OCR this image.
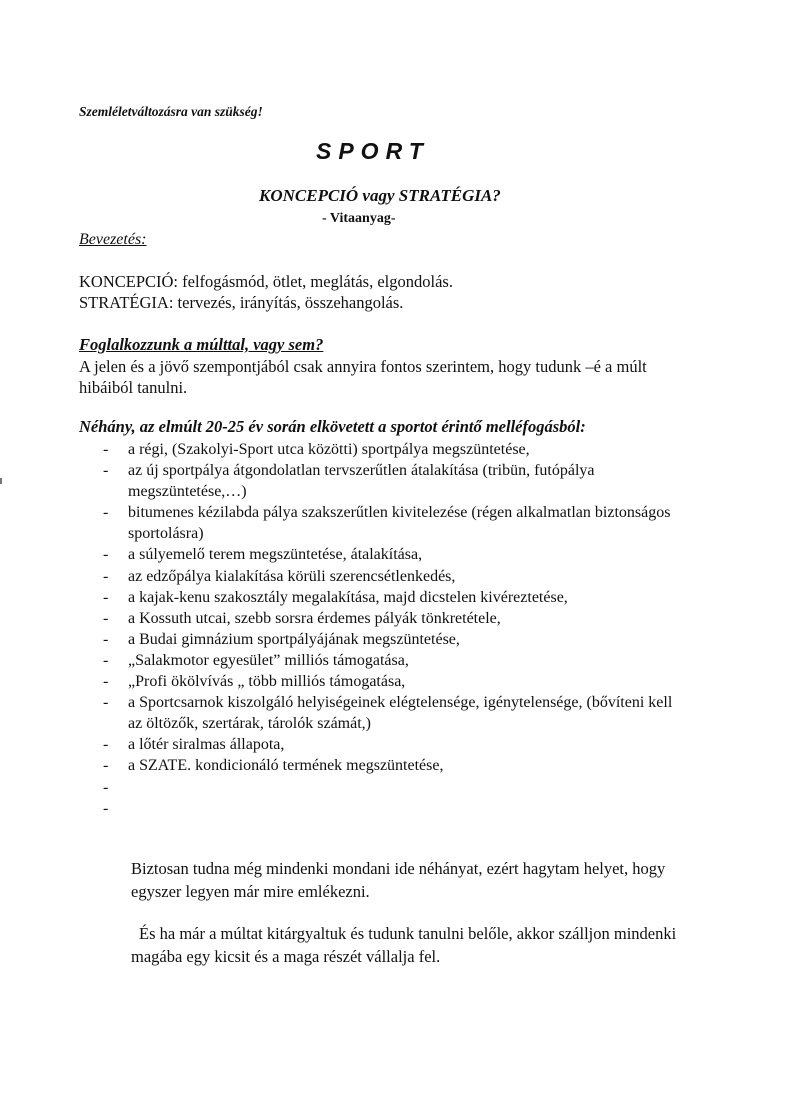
Szemléletváltozásra van szükség!
SPORT
KONCEPCIÓ vagy STRATÉGIA?
- Vitaanyag-
Bevezetés:
KONCEPCIÓ: felfogásmód, ötlet, meglátás, elgondolás.
STRATÉGIA: tervezés, irányítás, összehangolás.
Foglalkozzunk a múlttal, vagy sem?
A jelen és a jövő szempontjából csak annyira fontos szerintem, hogy tudunk –é a múlt hibáiból tanulni.
Néhány, az elmúlt 20-25 év során elkövetett a sportot érintő melléfogásból:
- a régi, (Szakolyi-Sport utca közötti) sportpálya megszüntetése,
- az új sportpálya átgondolatlan tervszerűtlen átalakítása (tribün, futópálya megszüntetése,…)
- bitumenes kézilabda pálya szakszerűtlen kivitelezése (régen alkalmatlan biztonságos sportolásra)
- a súlyemelő terem megszüntetése, átalakítása,
- az edzőpálya kialakítása körüli szerencsétlenkedés,
- a kajak-kenu szakosztály megalakítása, majd dicstelen kivéreztetése,
- a Kossuth utcai, szebb sorsra érdemes pályák tönkretétele,
- a Budai gimnázium sportpályájának megszüntetése,
- „Salakmotor egyesület” milliós támogatása,
- „Profi ökölvívás „ több milliós támogatása,
- a Sportcsarnok kiszolgáló helyiségeinek elégtelensége, igénytelensége, (bővíteni kell az öltözők, szertárak, tárolók számát,)
- a lőtér siralmas állapota,
- a SZATE. kondicionáló termének megszüntetése,
-

-

Biztosan tudna még mindenki mondani ide néhányat, ezért hagytam helyet, hogy egyszer legyen már mire emlékezni.
És ha már a múltat kitárgyaltuk és tudunk tanulni belőle, akkor szálljon mindenki magába egy kicsit és a maga részét vállalja fel.
